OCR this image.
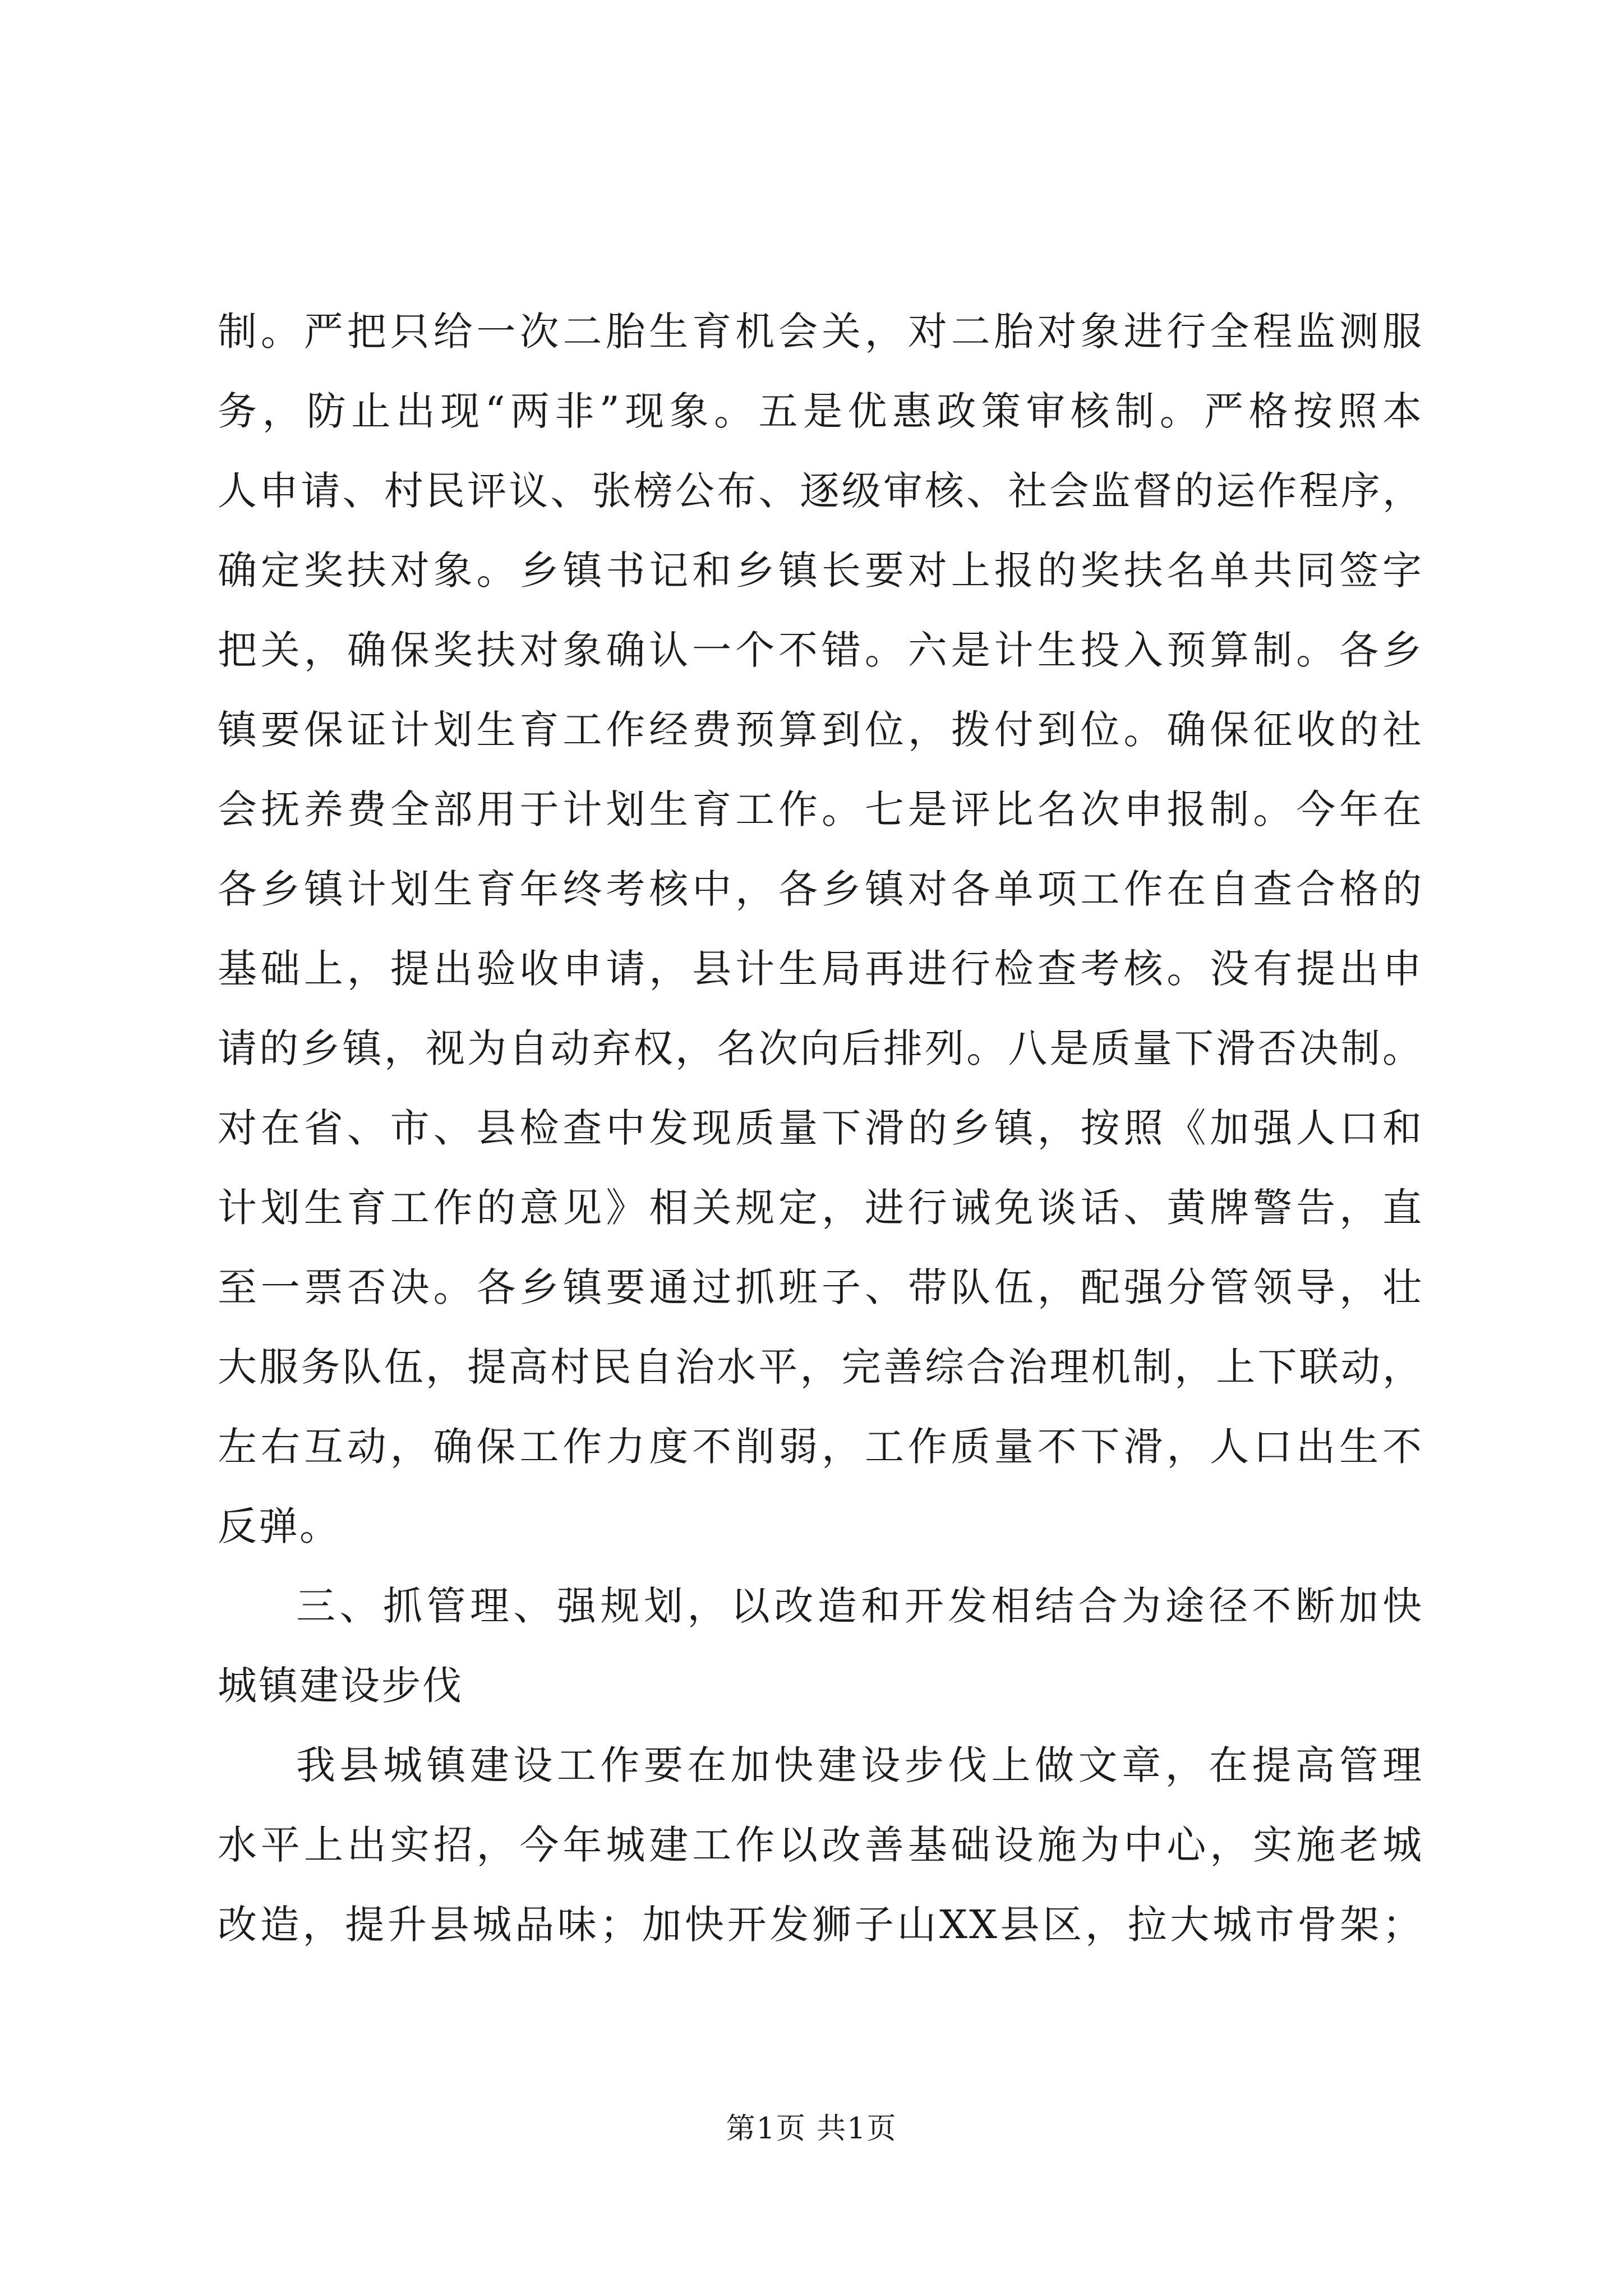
制。严把只给一次二胎生育机会关，对二胎对象进行全程监测服
务，防止出现“两非”现象。五是优惠政策审核制。严格按照本
人申请、村民评议、张榜公布、逐级审核、社会监督的运作程序，
确定奖扶对象。乡镇书记和乡镇长要对上报的奖扶名单共同签字
把关，确保奖扶对象确认一个不错。六是计生投入预算制。各乡
镇要保证计划生育工作经费预算到位，拨付到位。确保征收的社
会抚养费全部用于计划生育工作。七是评比名次申报制。今年在
各乡镇计划生育年终考核中，各乡镇对各单项工作在自查合格的
基础上，提出验收申请，县计生局再进行检查考核。没有提出申
请的乡镇，视为自动弃权，名次向后排列。八是质量下滑否决制。
对在省、市、县检查中发现质量下滑的乡镇，按照《加强人口和
计划生育工作的意见》相关规定，进行诫免谈话、黄牌警告，直
至一票否决。各乡镇要通过抓班子、带队伍，配强分管领导，壮
大服务队伍，提高村民自治水平，完善综合治理机制，上下联动，
左右互动，确保工作力度不削弱，工作质量不下滑，人口出生不
反弹。
三、抓管理、强规划，以改造和开发相结合为途径不断加快
城镇建设步伐
我县城镇建设工作要在加快建设步伐上做文章，在提高管理
水平上出实招，今年城建工作以改善基础设施为中心，实施老城
改造，提升县城品味；加快开发狮子山XX县区，拉大城市骨架；
第1页 共1页
